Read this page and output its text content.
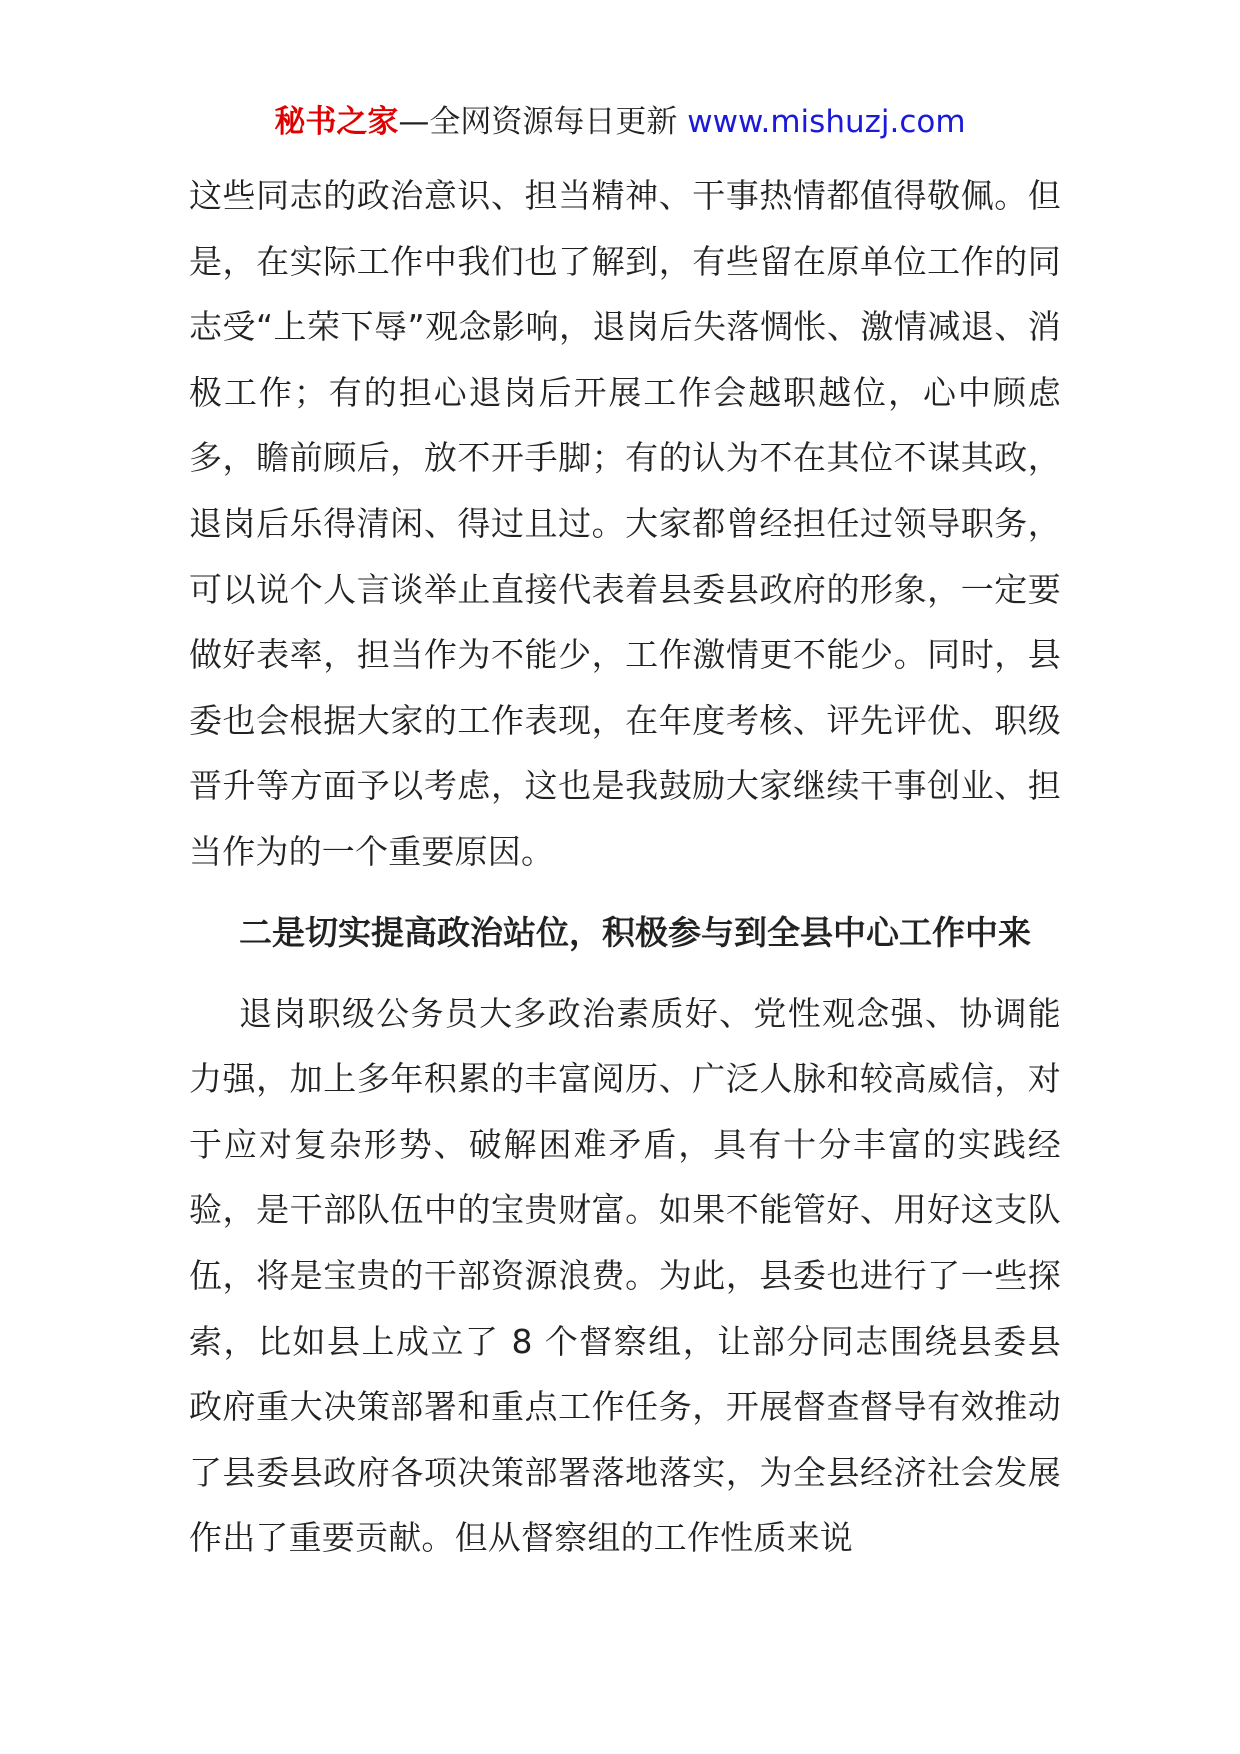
秘书之家—全网资源每日更新 www.mishuzj.com

这些同志的政治意识、担当精神、干事热情都值得敬佩。但是，在实际工作中我们也了解到，有些留在原单位工作的同志受“上荣下辱”观念影响，退岗后失落惆怅、激情减退、消极工作；有的担心退岗后开展工作会越职越位，心中顾虑多，瞻前顾后，放不开手脚；有的认为不在其位不谋其政，退岗后乐得清闲、得过且过。大家都曾经担任过领导职务，可以说个人言谈举止直接代表着县委县政府的形象，一定要做好表率，担当作为不能少，工作激情更不能少。同时，县委也会根据大家的工作表现，在年度考核、评先评优、职级晋升等方面予以考虑，这也是我鼓励大家继续干事创业、担当作为的一个重要原因。

二是切实提高政治站位，积极参与到全县中心工作中来

退岗职级公务员大多政治素质好、党性观念强、协调能力强，加上多年积累的丰富阅历、广泛人脉和较高威信，对于应对复杂形势、破解困难矛盾，具有十分丰富的实践经验，是干部队伍中的宝贵财富。如果不能管好、用好这支队伍，将是宝贵的干部资源浪费。为此，县委也进行了一些探索，比如县上成立了 8 个督察组，让部分同志围绕县委县政府重大决策部署和重点工作任务，开展督查督导有效推动了县委县政府各项决策部署落地落实，为全县经济社会发展作出了重要贡献。但从督察组的工作性质来说
